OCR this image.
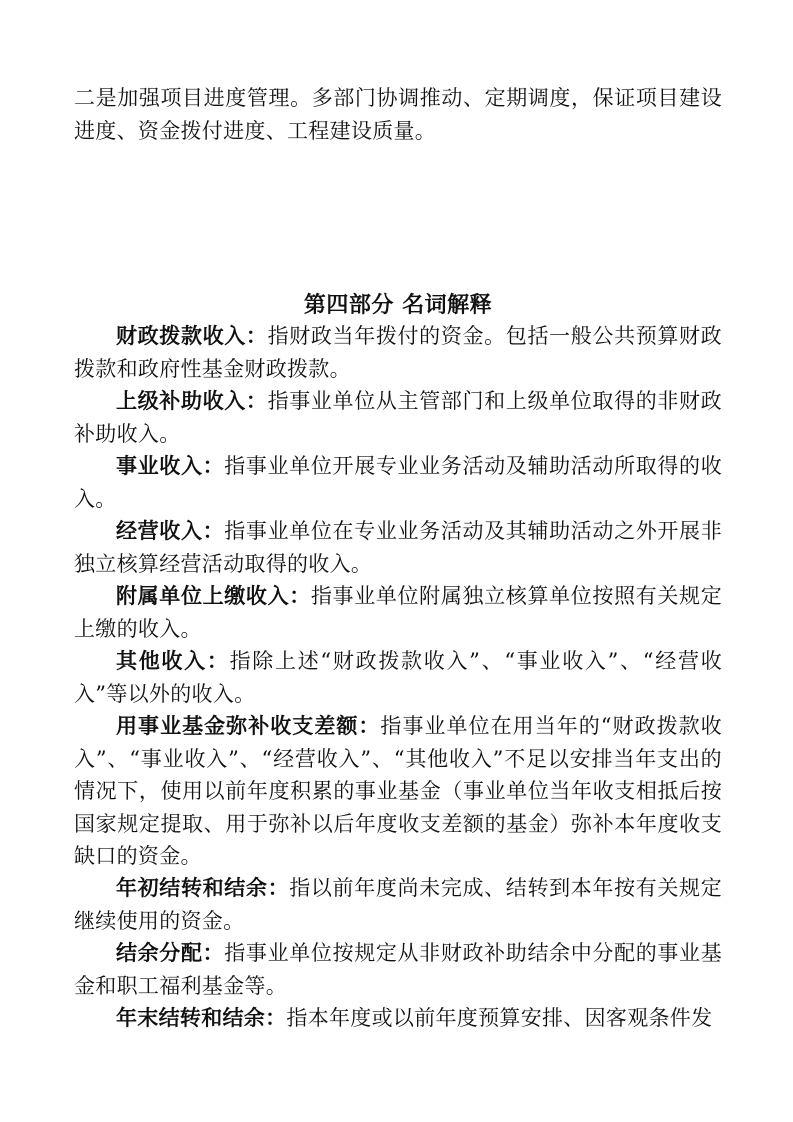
二是加强项目进度管理。多部门协调推动、定期调度，保证项目建设进度、资金拨付进度、工程建设质量。

第四部分 名词解释

财政拨款收入：指财政当年拨付的资金。包括一般公共预算财政拨款和政府性基金财政拨款。

上级补助收入：指事业单位从主管部门和上级单位取得的非财政补助收入。

事业收入：指事业单位开展专业业务活动及辅助活动所取得的收入。

经营收入：指事业单位在专业业务活动及其辅助活动之外开展非独立核算经营活动取得的收入。

附属单位上缴收入：指事业单位附属独立核算单位按照有关规定上缴的收入。

其他收入：指除上述“财政拨款收入”、“事业收入”、“经营收入”等以外的收入。

用事业基金弥补收支差额：指事业单位在用当年的“财政拨款收入”、“事业收入”、“经营收入”、“其他收入”不足以安排当年支出的情况下，使用以前年度积累的事业基金（事业单位当年收支相抵后按国家规定提取、用于弥补以后年度收支差额的基金）弥补本年度收支缺口的资金。

年初结转和结余：指以前年度尚未完成、结转到本年按有关规定继续使用的资金。

结余分配：指事业单位按规定从非财政补助结余中分配的事业基金和职工福利基金等。

年末结转和结余：指本年度或以前年度预算安排、因客观条件发
